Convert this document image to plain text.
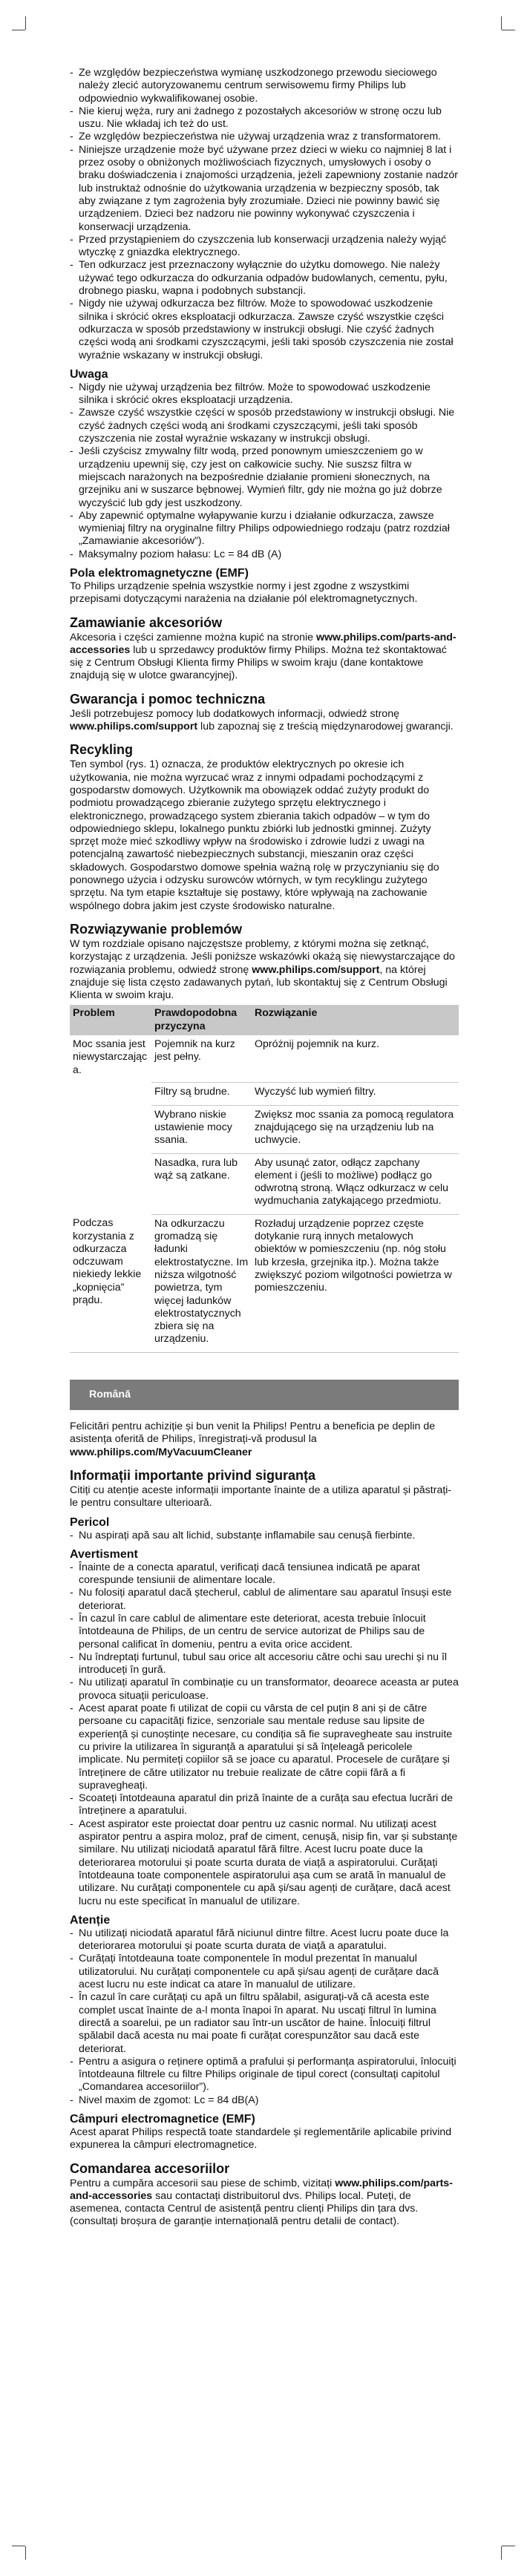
- Ze względów bezpieczeństwa wymianę uszkodzonego przewodu sieciowego należy zlecić autoryzowanemu centrum serwisowemu firmy Philips lub odpowiednio wykwalifikowanej osobie.
- Nie kieruj węża, rury ani żadnego z pozostałych akcesoriów w stronę oczu lub uszu. Nie wkładaj ich też do ust.
- Ze względów bezpieczeństwa nie używaj urządzenia wraz z transformatorem.
- Niniejsze urządzenie może być używane przez dzieci w wieku co najmniej 8 lat i przez osoby o obniżonych możliwościach fizycznych, umysłowych i osoby o braku doświadczenia i znajomości urządzenia, jeżeli zapewniony zostanie nadzór lub instruktaż odnośnie do użytkowania urządzenia w bezpieczny sposób, tak aby związane z tym zagrożenia były zrozumiałe. Dzieci nie powinny bawić się urządzeniem. Dzieci bez nadzoru nie powinny wykonywać czyszczenia i konserwacji urządzenia.
- Przed przystąpieniem do czyszczenia lub konserwacji urządzenia należy wyjąć wtyczkę z gniazdka elektrycznego.
- Ten odkurzacz jest przeznaczony wyłącznie do użytku domowego. Nie należy używać tego odkurzacza do odkurzania odpadów budowlanych, cementu, pyłu, drobnego piasku, wapna i podobnych substancji.
- Nigdy nie używaj odkurzacza bez filtrów. Może to spowodować uszkodzenie silnika i skrócić okres eksploatacji odkurzacza. Zawsze czyść wszystkie części odkurzacza w sposób przedstawiony w instrukcji obsługi. Nie czyść żadnych części wodą ani środkami czyszczącymi, jeśli taki sposób czyszczenia nie został wyraźnie wskazany w instrukcji obsługi.
Uwaga
- Nigdy nie używaj urządzenia bez filtrów. Może to spowodować uszkodzenie silnika i skrócić okres eksploatacji urządzenia.
- Zawsze czyść wszystkie części w sposób przedstawiony w instrukcji obsługi. Nie czyść żadnych części wodą ani środkami czyszczącymi, jeśli taki sposób czyszczenia nie został wyraźnie wskazany w instrukcji obsługi.
- Jeśli czyścisz zmywalny filtr wodą, przed ponownym umieszczeniem go w urządzeniu upewnij się, czy jest on całkowicie suchy. Nie suszsz filtra w miejscach narażonych na bezpośrednie działanie promieni słonecznych, na grzejniku ani w suszarce bębnowej. Wymień filtr, gdy nie można go już dobrze wyczyścić lub gdy jest uszkodzony.
- Aby zapewnić optymalne wyłapywanie kurzu i działanie odkurzacza, zawsze wymieniaj filtry na oryginalne filtry Philips odpowiedniego rodzaju (patrz rozdział „Zamawianie akcesoriów”).
- Maksymalny poziom hałasu: Lc = 84 dB (A)
Pola elektromagnetyczne (EMF)

To Philips urządzenie spełnia wszystkie normy i jest zgodne z wszystkimi przepisami dotyczącymi narażenia na działanie pól elektromagnetycznych.

Zamawianie akcesoriów

Akcesoria i części zamienne można kupić na stronie www.philips.com/parts-and-accessories lub u sprzedawcy produktów firmy Philips. Można też skontaktować się z Centrum Obsługi Klienta firmy Philips w swoim kraju (dane kontaktowe znajdują się w ulotce gwarancyjnej).

Gwarancja i pomoc techniczna

Jeśli potrzebujesz pomocy lub dodatkowych informacji, odwiedź stronę www.philips.com/support lub zapoznaj się z treścią międzynarodowej gwarancji.

Recykling

Ten symbol (rys. 1) oznacza, że produktów elektrycznych po okresie ich użytkowania, nie można wyrzucać wraz z innymi odpadami pochodzącymi z gospodarstw domowych. Użytkownik ma obowiązek oddać zużyty produkt do podmiotu prowadzącego zbieranie zużytego sprzętu elektrycznego i elektronicznego, prowadzącego system zbierania takich odpadów – w tym do odpowiedniego sklepu, lokalnego punktu zbiórki lub jednostki gminnej. Zużyty sprzęt może mieć szkodliwy wpływ na środowisko i zdrowie ludzi z uwagi na potencjalną zawartość niebezpiecznych substancji, mieszanin oraz części składowych. Gospodarstwo domowe spełnia ważną rolę w przyczynianiu się do ponownego użycia i odzysku surowców wtórnych, w tym recyklingu zużytego sprzętu. Na tym etapie kształtuje się postawy, które wpływają na zachowanie wspólnego dobra jakim jest czyste środowisko naturalne.

Rozwiązywanie problemów

W tym rozdziale opisano najczęstsze problemy, z którymi można się zetknąć, korzystając z urządzenia. Jeśli poniższe wskazówki okażą się niewystarczające do rozwiązania problemu, odwiedź stronę www.philips.com/support, na której znajduje się lista często zadawanych pytań, lub skontaktuj się z Centrum Obsługi Klienta w swoim kraju.

Problem	Prawdopodobna przyczyna	Rozwiązanie
Moc ssania jest niewystarczając a.	Pojemnik na kurz jest pełny.	Opróżnij pojemnik na kurz.
	Filtry są brudne.	Wyczyść lub wymień filtry.
	Wybrano niskie ustawienie mocy ssania.	Zwiększ moc ssania za pomocą regulatora znajdującego się na urządzeniu lub na uchwycie.
	Nasadka, rura lub wąż są zatkane.	Aby usunąć zator, odłącz zapchany element i (jeśli to możliwe) podłącz go odwrotną stroną. Włącz odkurzacz w celu wydmuchania zatykającego przedmiotu.
Podczas korzystania z odkurzacza odczuwam niekiedy lekkie „kopnięcia” prądu.	Na odkurzaczu gromadzą się ładunki elektrostatyczne. Im niższa wilgotność powietrza, tym więcej ładunków elektrostatycznych zbiera się na urządzeniu.	Rozładuj urządzenie poprzez częste dotykanie rurą innych metalowych obiektów w pomieszczeniu (np. nóg stołu lub krzesła, grzejnika itp.). Można także zwiększyć poziom wilgotności powietrza w pomieszczeniu.
Română

Felicitări pentru achiziție și bun venit la Philips! Pentru a beneficia pe deplin de asistența oferită de Philips, înregistrați-vă produsul la
www.philips.com/MyVacuumCleaner

Informații importante privind siguranța

Citiți cu atenție aceste informații importante înainte de a utiliza aparatul și păstrați-le pentru consultare ulterioară.

Pericol
- Nu aspirați apă sau alt lichid, substanțe inflamabile sau cenușă fierbinte.
Avertisment
- Înainte de a conecta aparatul, verificați dacă tensiunea indicată pe aparat corespunde tensiunii de alimentare locale.
- Nu folosiți aparatul dacă ștecherul, cablul de alimentare sau aparatul însuși este deteriorat.
- În cazul în care cablul de alimentare este deteriorat, acesta trebuie înlocuit întotdeauna de Philips, de un centru de service autorizat de Philips sau de personal calificat în domeniu, pentru a evita orice accident.
- Nu îndreptați furtunul, tubul sau orice alt accesoriu către ochi sau urechi și nu îl introduceți în gură.
- Nu utilizați aparatul în combinație cu un transformator, deoarece aceasta ar putea provoca situații periculoase.
- Acest aparat poate fi utilizat de copii cu vârsta de cel puțin 8 ani și de către persoane cu capacități fizice, senzoriale sau mentale reduse sau lipsite de experiență și cunoștințe necesare, cu condiția să fie supravegheate sau instruite cu privire la utilizarea în siguranță a aparatului și să înțeleagă pericolele implicate. Nu permiteți copiilor să se joace cu aparatul. Procesele de curățare și întreținere de către utilizator nu trebuie realizate de către copii fără a fi supravegheați.
- Scoateți întotdeauna aparatul din priză înainte de a curăța sau efectua lucrări de întreținere a aparatului.
- Acest aspirator este proiectat doar pentru uz casnic normal. Nu utilizați acest aspirator pentru a aspira moloz, praf de ciment, cenușă, nisip fin, var și substanțe similare. Nu utilizați niciodată aparatul fără filtre. Acest lucru poate duce la deteriorarea motorului și poate scurta durata de viață a aspiratorului. Curățați întotdeauna toate componentele aspiratorului așa cum se arată în manualul de utilizare. Nu curățați componentele cu apă și/sau agenți de curățare, dacă acest lucru nu este specificat în manualul de utilizare.
Atenție
- Nu utilizați niciodată aparatul fără niciunul dintre filtre. Acest lucru poate duce la deteriorarea motorului și poate scurta durata de viață a aparatului.
- Curățați întotdeauna toate componentele în modul prezentat în manualul utilizatorului. Nu curățați componentele cu apă și/sau agenți de curățare dacă acest lucru nu este indicat ca atare în manualul de utilizare.
- În cazul în care curățați cu apă un filtru spălabil, asigurați-vă că acesta este complet uscat înainte de a-l monta înapoi în aparat. Nu uscați filtrul în lumina directă a soarelui, pe un radiator sau într-un uscător de haine. Înlocuiți filtrul spălabil dacă acesta nu mai poate fi curățat corespunzător sau dacă este deteriorat.
- Pentru a asigura o reținere optimă a prafului și performanța aspiratorului, înlocuiți întotdeauna filtrele cu filtre Philips originale de tipul corect (consultați capitolul „Comandarea accesoriilor”).
- Nivel maxim de zgomot: Lc = 84 dB(A)
Câmpuri electromagnetice (EMF)

Acest aparat Philips respectă toate standardele și reglementările aplicabile privind expunerea la câmpuri electromagnetice.

Comandarea accesoriilor

Pentru a cumpăra accesorii sau piese de schimb, vizitați www.philips.com/parts-and-accessories sau contactați distribuitorul dvs. Philips local. Puteți, de asemenea, contacta Centrul de asistență pentru clienți Philips din țara dvs. (consultați broșura de garanție internațională pentru detalii de contact).
